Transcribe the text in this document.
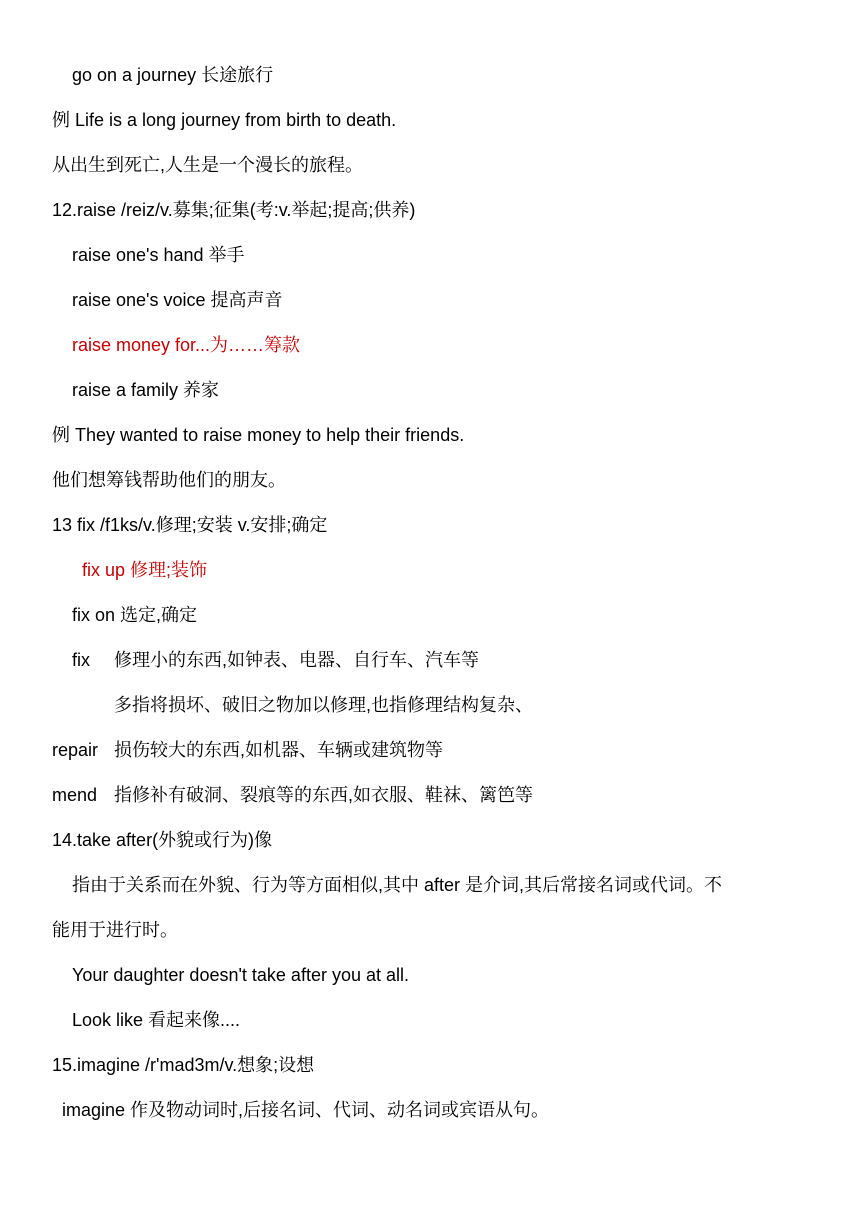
go on a journey 长途旅行
例 Life is a long journey from birth to death.
从出生到死亡,人生是一个漫长的旅程。
12.raise /reiz/v.募集;征集(考:v.举起;提高;供养)
raise one's hand 举手
raise one's voice 提高声音
raise money for...为……筹款
raise a family 养家
例 They wanted to raise money to help their friends.
他们想筹钱帮助他们的朋友。
13 fix /f1ks/v.修理;安装 v.安排;确定
fix up 修理;装饰
fix on 选定,确定
fix 修理小的东西,如钟表、电器、自行车、汽车等
多指将损坏、破旧之物加以修理,也指修理结构复杂、
repair 损伤较大的东西,如机器、车辆或建筑物等
mend 指修补有破洞、裂痕等的东西,如衣服、鞋袜、篱笆等
14.take after(外貌或行为)像
指由于关系而在外貌、行为等方面相似,其中 after 是介词,其后常接名词或代词。不
能用于进行时。
Your daughter doesn't take after you at all.
Look like 看起来像....
15.imagine /r'mad3m/v.想象;设想
imagine 作及物动词时,后接名词、代词、动名词或宾语从句。
